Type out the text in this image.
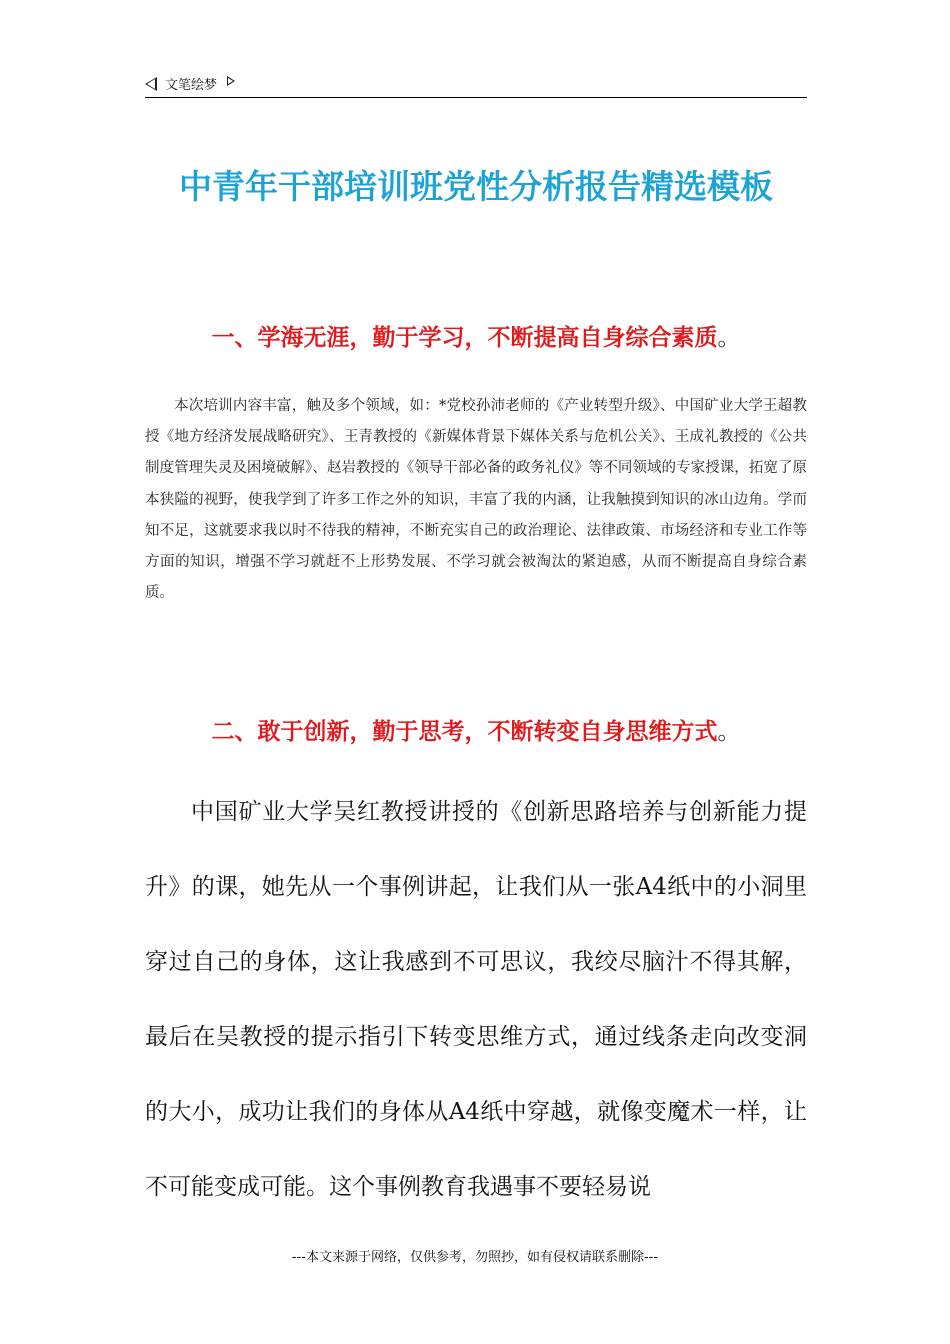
文笔绘梦
中青年干部培训班党性分析报告精选模板
一、学海无涯，勤于学习，不断提高自身综合素质。

本次培训内容丰富，触及多个领域，如：*党校孙沛老师的《产业转型升级》、中国矿业大学王超教授《地方经济发展战略研究》、王青教授的《新媒体背景下媒体关系与危机公关》、王成礼教授的《公共制度管理失灵及困境破解》、赵岩教授的《领导干部必备的政务礼仪》等不同领域的专家授课，拓宽了原本狭隘的视野，使我学到了许多工作之外的知识，丰富了我的内涵，让我触摸到知识的冰山边角。学而知不足，这就要求我以时不待我的精神，不断充实自己的政治理论、法律政策、市场经济和专业工作等方面的知识，增强不学习就赶不上形势发展、不学习就会被淘汰的紧迫感，从而不断提高自身综合素质。

二、敢于创新，勤于思考，不断转变自身思维方式。

中国矿业大学吴红教授讲授的《创新思路培养与创新能力提升》的课，她先从一个事例讲起，让我们从一张A4纸中的小洞里穿过自己的身体，这让我感到不可思议，我绞尽脑汁不得其解，最后在吴教授的提示指引下转变思维方式，通过线条走向改变洞的大小，成功让我们的身体从A4纸中穿越，就像变魔术一样，让不可能变成可能。这个事例教育我遇事不要轻易说

---本文来源于网络，仅供参考，勿照抄，如有侵权请联系删除---
